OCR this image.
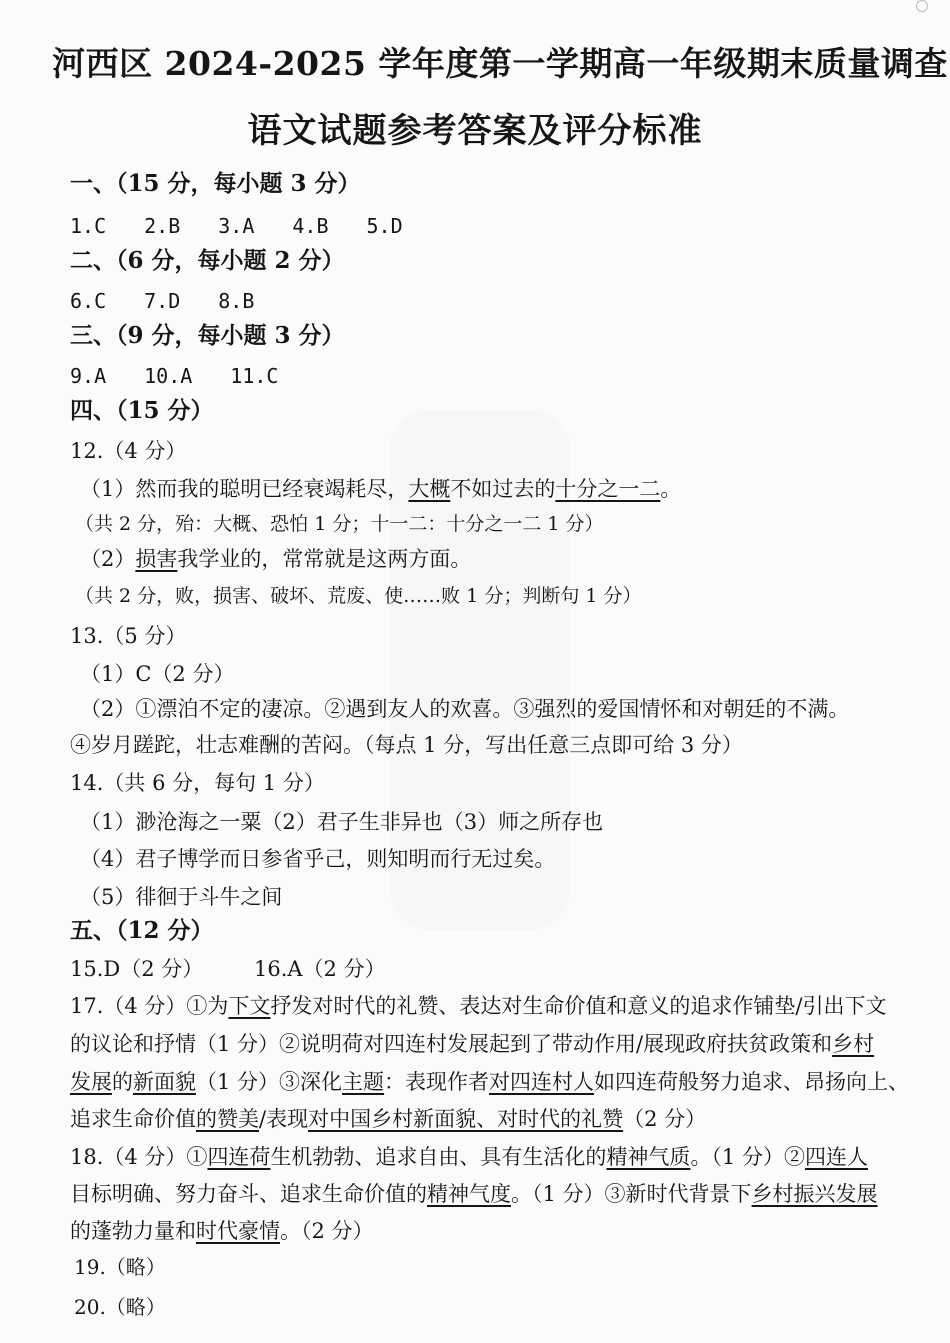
河西区 2024-2025 学年度第一学期高一年级期末质量调查
语文试题参考答案及评分标准
一、（15 分，每小题 3 分）
1.C 2.B 3.A 4.B 5.D
二、（6 分，每小题 2 分）
6.C 7.D 8.B
三、（9 分，每小题 3 分）
9.A 10.A 11.C
四、（15 分）
12.（4 分）
（1）然而我的聪明已经衰竭耗尽，大概不如过去的十分之一二。
（共 2 分，殆：大概、恐怕 1 分；十一二：十分之一二 1 分）
（2）损害我学业的，常常就是这两方面。
（共 2 分，败，损害、破坏、荒废、使……败 1 分；判断句 1 分）
13.（5 分）
（1）C（2 分）
（2）①漂泊不定的凄凉。②遇到友人的欢喜。③强烈的爱国情怀和对朝廷的不满。
④岁月蹉跎，壮志难酬的苦闷。（每点 1 分，写出任意三点即可给 3 分）
14.（共 6 分，每句 1 分）
（1）渺沧海之一粟（2）君子生非异也（3）师之所存也
（4）君子博学而日参省乎己，则知明而行无过矣。
（5）徘徊于斗牛之间
五、（12 分）
15.D（2 分） 16.A（2 分）
17.（4 分）①为下文抒发对时代的礼赞、表达对生命价值和意义的追求作铺垫/引出下文
的议论和抒情（1 分）②说明荷对四连村发展起到了带动作用/展现政府扶贫政策和乡村
发展的新面貌（1 分）③深化主题：表现作者对四连村人如四连荷般努力追求、昂扬向上、
追求生命价值的赞美/表现对中国乡村新面貌、对时代的礼赞（2 分）
18.（4 分）①四连荷生机勃勃、追求自由、具有生活化的精神气质。（1 分）②四连人
目标明确、努力奋斗、追求生命价值的精神气度。（1 分）③新时代背景下乡村振兴发展
的蓬勃力量和时代豪情。（2 分）
19.（略）
20.（略）
